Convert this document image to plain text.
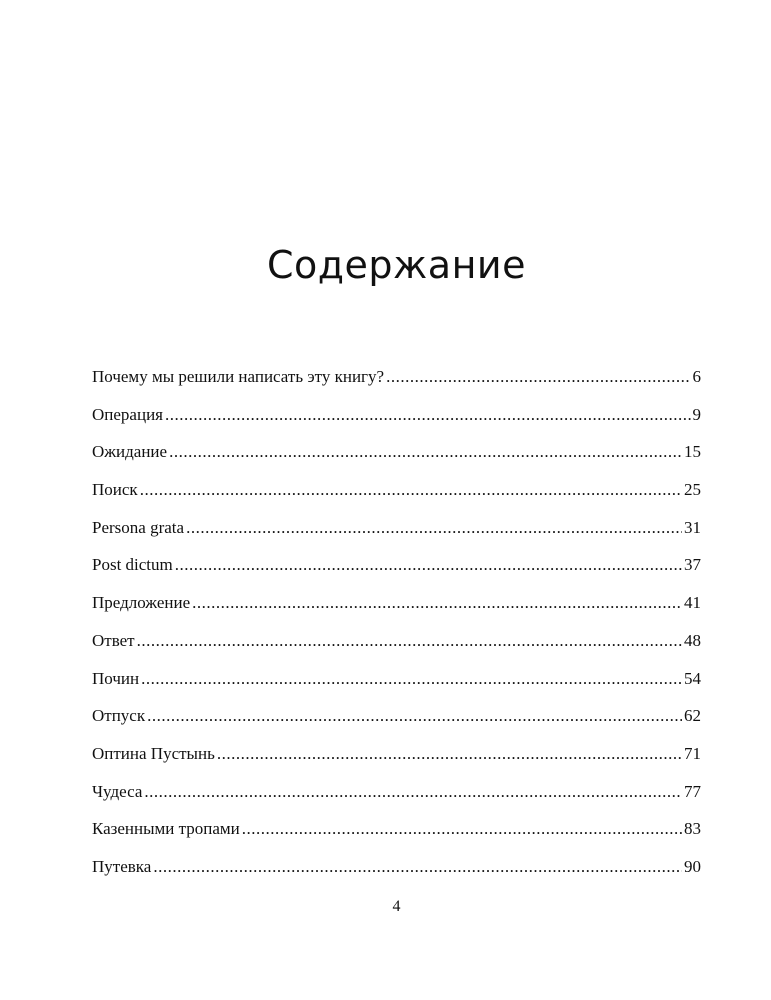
Содержание
Почему мы решили написать эту книгу? .....	6
Операция .....	9
Ожидание .....	15
Поиск .....	25
Persona grata .....	31
Post dictum .....	37
Предложение .....	41
Ответ .....	48
Почин .....	54
Отпуск .....	62
Оптина Пустынь .....	71
Чудеса .....	77
Казенными тропами .....	83
Путевка .....	90
4
